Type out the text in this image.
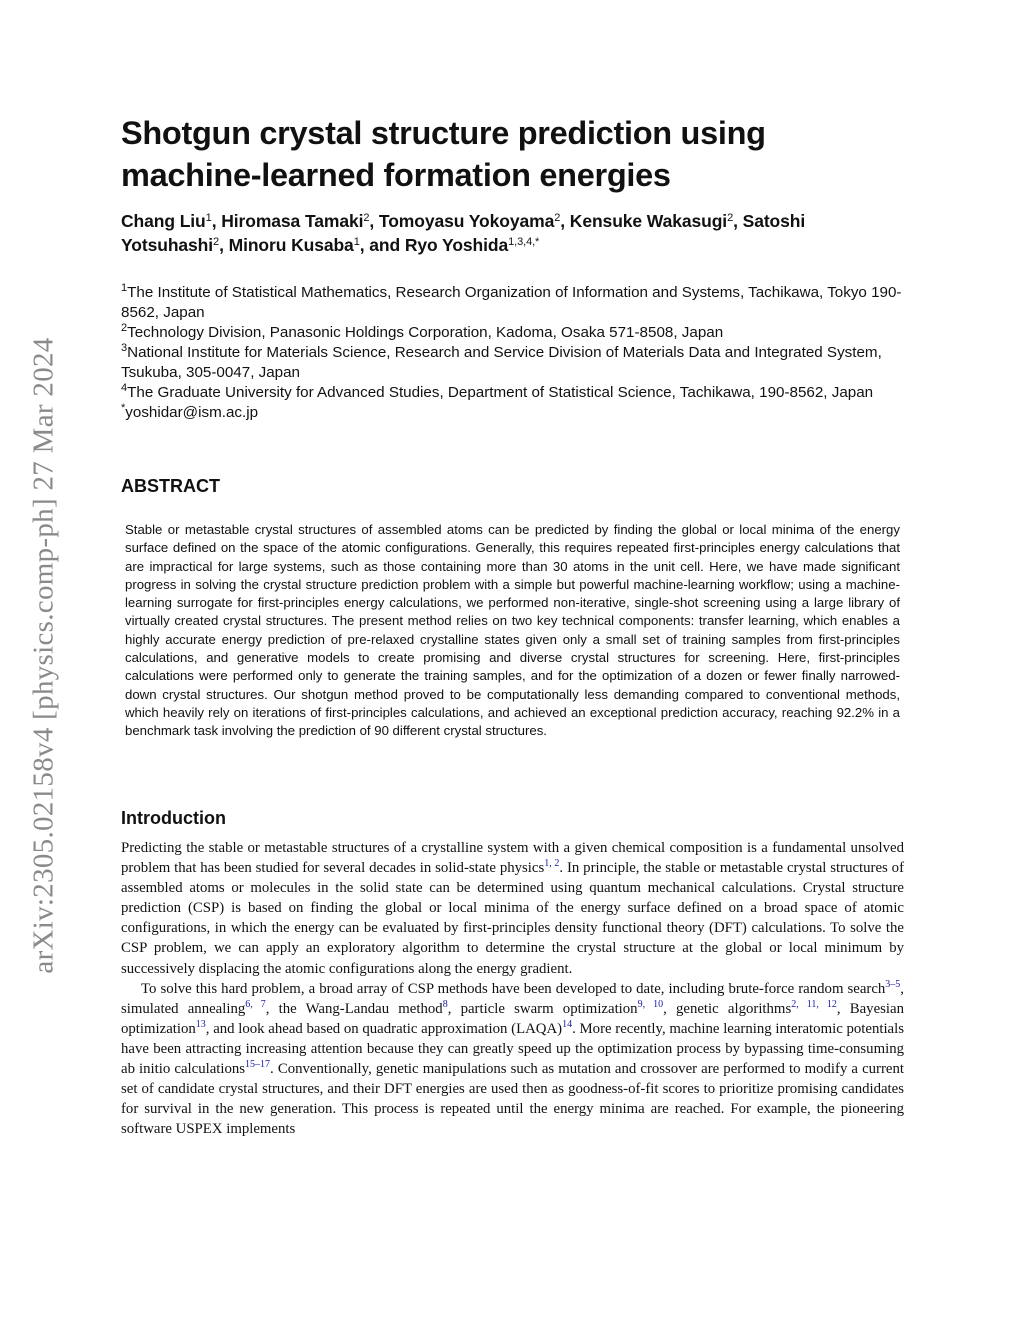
arXiv:2305.02158v4 [physics.comp-ph] 27 Mar 2024
Shotgun crystal structure prediction using machine-learned formation energies
Chang Liu$^1$, Hiromasa Tamaki$^2$, Tomoyasu Yokoyama$^2$, Kensuke Wakasugi$^2$, Satoshi Yotsuhashi$^2$, Minoru Kusaba$^1$, and Ryo Yoshida$^{1,3,4,*}$

$^1$The Institute of Statistical Mathematics, Research Organization of Information and Systems, Tachikawa, Tokyo 190-8562, Japan

$^2$Technology Division, Panasonic Holdings Corporation, Kadoma, Osaka 571-8508, Japan

$^3$National Institute for Materials Science, Research and Service Division of Materials Data and Integrated System, Tsukuba, 305-0047, Japan

$^4$The Graduate University for Advanced Studies, Department of Statistical Science, Tachikawa, 190-8562, Japan

*yoshidar@ism.ac.jp

ABSTRACT

Stable or metastable crystal structures of assembled atoms can be predicted by finding the global or local minima of the energy surface defined on the space of the atomic configurations. Generally, this requires repeated first-principles energy calculations that are impractical for large systems, such as those containing more than 30 atoms in the unit cell. Here, we have made significant progress in solving the crystal structure prediction problem with a simple but powerful machine-learning workflow; using a machine-learning surrogate for first-principles energy calculations, we performed non-iterative, single-shot screening using a large library of virtually created crystal structures. The present method relies on two key technical components: transfer learning, which enables a highly accurate energy prediction of pre-relaxed crystalline states given only a small set of training samples from first-principles calculations, and generative models to create promising and diverse crystal structures for screening. Here, first-principles calculations were performed only to generate the training samples, and for the optimization of a dozen or fewer finally narrowed-down crystal structures. Our shotgun method proved to be computationally less demanding compared to conventional methods, which heavily rely on iterations of first-principles calculations, and achieved an exceptional prediction accuracy, reaching 92.2% in a benchmark task involving the prediction of 90 different crystal structures.

Introduction

Predicting the stable or metastable structures of a crystalline system with a given chemical composition is a fundamental unsolved problem that has been studied for several decades in solid-state physics$^{1, 2}$. In principle, the stable or metastable crystal structures of assembled atoms or molecules in the solid state can be determined using quantum mechanical calculations. Crystal structure prediction (CSP) is based on finding the global or local minima of the energy surface defined on a broad space of atomic configurations, in which the energy can be evaluated by first-principles density functional theory (DFT) calculations. To solve the CSP problem, we can apply an exploratory algorithm to determine the crystal structure at the global or local minimum by successively displacing the atomic configurations along the energy gradient.

To solve this hard problem, a broad array of CSP methods have been developed to date, including brute-force random search$^{3-5}$, simulated annealing$^{6, 7}$, the Wang-Landau method$^8$, particle swarm optimization$^{9, 10}$, genetic algorithms$^{2, 11, 12}$, Bayesian optimization$^{13}$, and look ahead based on quadratic approximation (LAQA)$^{14}$. More recently, machine learning interatomic potentials have been attracting increasing attention because they can greatly speed up the optimization process by bypassing time-consuming ab initio calculations$^{15-17}$. Conventionally, genetic manipulations such as mutation and crossover are performed to modify a current set of candidate crystal structures, and their DFT energies are used then as goodness-of-fit scores to prioritize promising candidates for survival in the new generation. This process is repeated until the energy minima are reached. For example, the pioneering software USPEX implements
